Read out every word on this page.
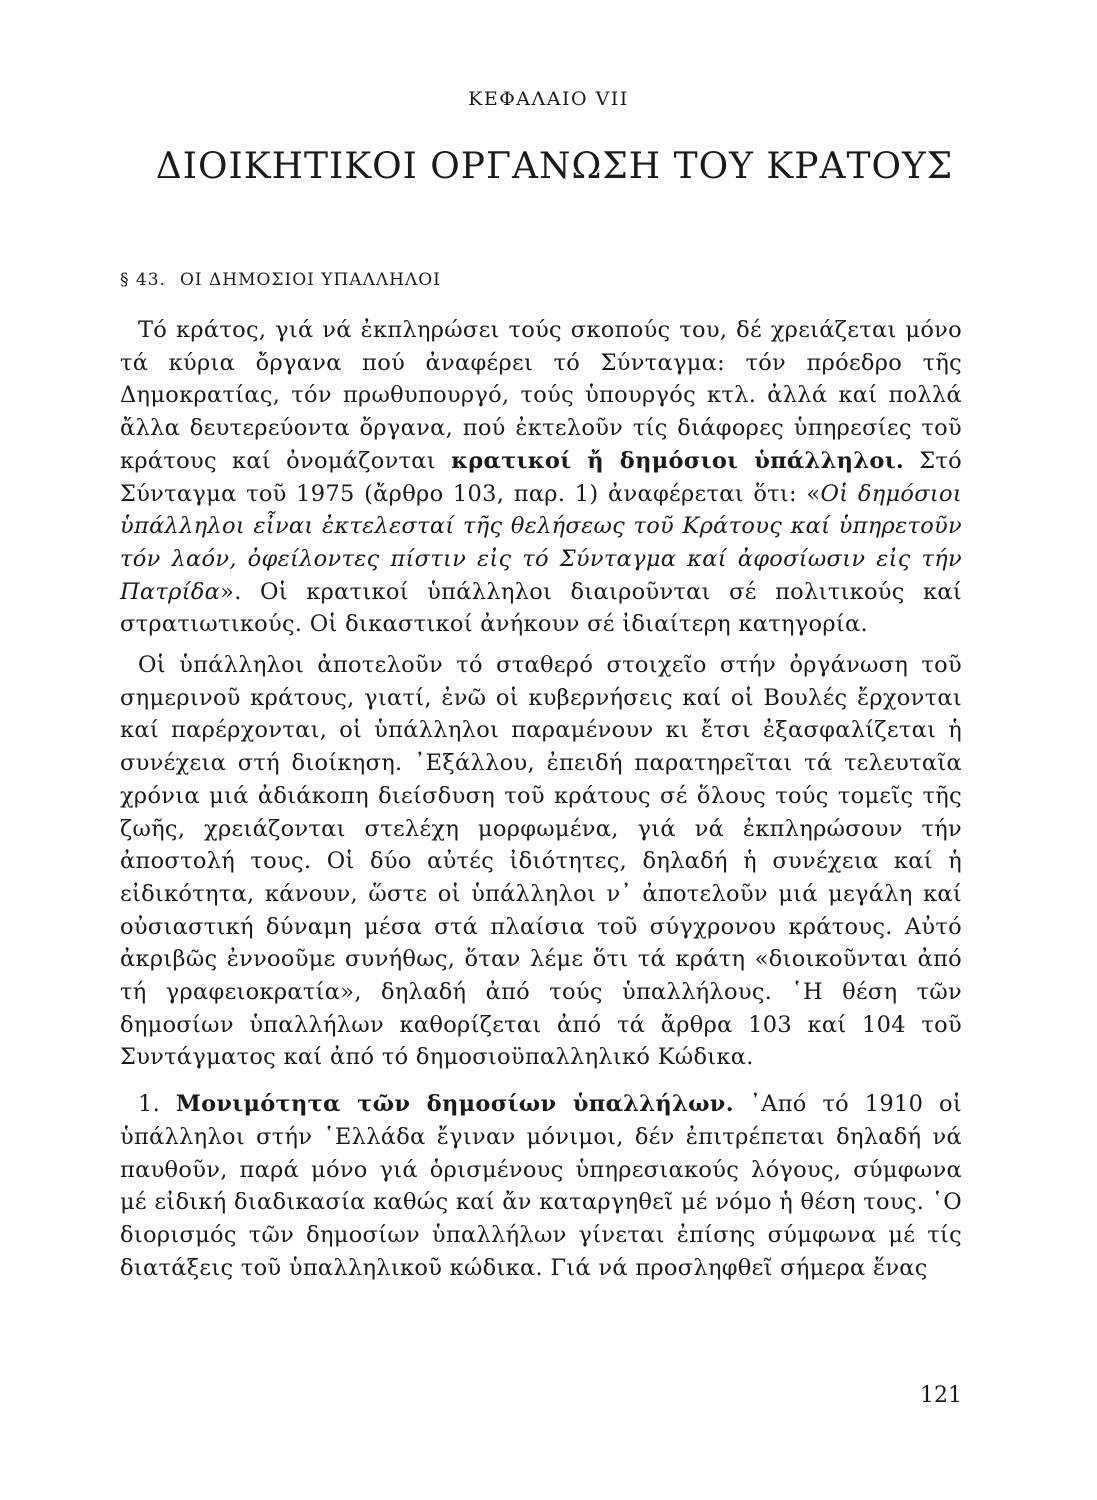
ΚΕΦΑΛΑΙΟ VII
ΔΙΟΙΚΗΤΙΚΟΙ ΟΡΓΑΝΩΣΗ ΤΟΥ ΚΡΑΤΟΥΣ
§ 43. ΟΙ ΔΗΜΟΣΙΟΙ ΥΠΑΛΛΗΛΟΙ

Τό κράτος, γιά νά ἐκπληρώσει τούς σκοπούς του, δέ χρειάζεται μόνο τά κύρια ὄργανα πού ἀναφέρει τό Σύνταγμα: τόν πρόεδρο τῆς Δημοκρατίας, τόν πρωθυπουργό, τούς ὑπουργός κτλ. ἀλλά καί πολλά ἄλλα δευτερεύοντα ὄργανα, πού ἐκτελοῦν τίς διάφορες ὑπηρεσίες τοῦ κράτους καί ὀνομάζονται κρατικοί ἤ δημόσιοι ὑπάλληλοι. Στό Σύνταγμα τοῦ 1975 (ἄρθρο 103, παρ. 1) ἀναφέρεται ὅτι: «Οἱ δημόσιοι ὑπάλληλοι εἶναι ἐκτελεσταί τῆς θελήσεως τοῦ Κράτους καί ὑπηρετοῦν τόν λαόν, ὀφείλοντες πίστιν εἰς τό Σύνταγμα καί ἀφοσίωσιν εἰς τήν Πατρίδα». Οἱ κρατικοί ὑπάλληλοι διαιροῦνται σέ πολιτικούς καί στρατιωτικούς. Οἱ δικαστικοί ἀνήκουν σέ ἰδιαίτερη κατηγορία.

Οἱ ὑπάλληλοι ἀποτελοῦν τό σταθερό στοιχεῖο στήν ὀργάνωση τοῦ σημερινοῦ κράτους, γιατί, ἐνῶ οἱ κυβερνήσεις καί οἱ Βουλές ἔρχονται καί παρέρχονται, οἱ ὑπάλληλοι παραμένουν κι ἔτσι ἐξασφαλίζεται ἡ συνέχεια στή διοίκηση. ᾿Εξάλλου, ἐπειδή παρατηρεῖται τά τελευταῖα χρόνια μιά ἀδιάκοπη διείσδυση τοῦ κράτους σέ ὅλους τούς τομεῖς τῆς ζωῆς, χρειάζονται στελέχη μορφωμένα, γιά νά ἐκπληρώσουν τήν ἀποστολή τους. Οἱ δύο αὐτές ἰδιότητες, δηλαδή ἡ συνέχεια καί ἡ εἰδικότητα, κάνουν, ὥστε οἱ ὑπάλληλοι ν᾿ ἀποτελοῦν μιά μεγάλη καί οὐσιαστική δύναμη μέσα στά πλαίσια τοῦ σύγχρονου κράτους. Αὐτό ἀκριβῶς ἐννοοῦμε συνήθως, ὅταν λέμε ὅτι τά κράτη «διοικοῦνται ἀπό τή γραφειοκρατία», δηλαδή ἀπό τούς ὑπαλλήλους. ῾Η θέση τῶν δημοσίων ὑπαλλήλων καθορίζεται ἀπό τά ἄρθρα 103 καί 104 τοῦ Συντάγματος καί ἀπό τό δημοσιοϋπαλληλικό Κώδικα.

1. Μονιμότητα τῶν δημοσίων ὑπαλλήλων. ᾿Από τό 1910 οἱ ὑπάλληλοι στήν ῾Ελλάδα ἔγιναν μόνιμοι, δέν ἐπιτρέπεται δηλαδή νά παυθοῦν, παρά μόνο γιά ὁρισμένους ὑπηρεσιακούς λόγους, σύμφωνα μέ εἰδική διαδικασία καθώς καί ἄν καταργηθεῖ μέ νόμο ἡ θέση τους. ῾Ο διορισμός τῶν δημοσίων ὑπαλλήλων γίνεται ἐπίσης σύμφωνα μέ τίς διατάξεις τοῦ ὑπαλληλικοῦ κώδικα. Γιά νά προσληφθεῖ σήμερα ἕνας

121
